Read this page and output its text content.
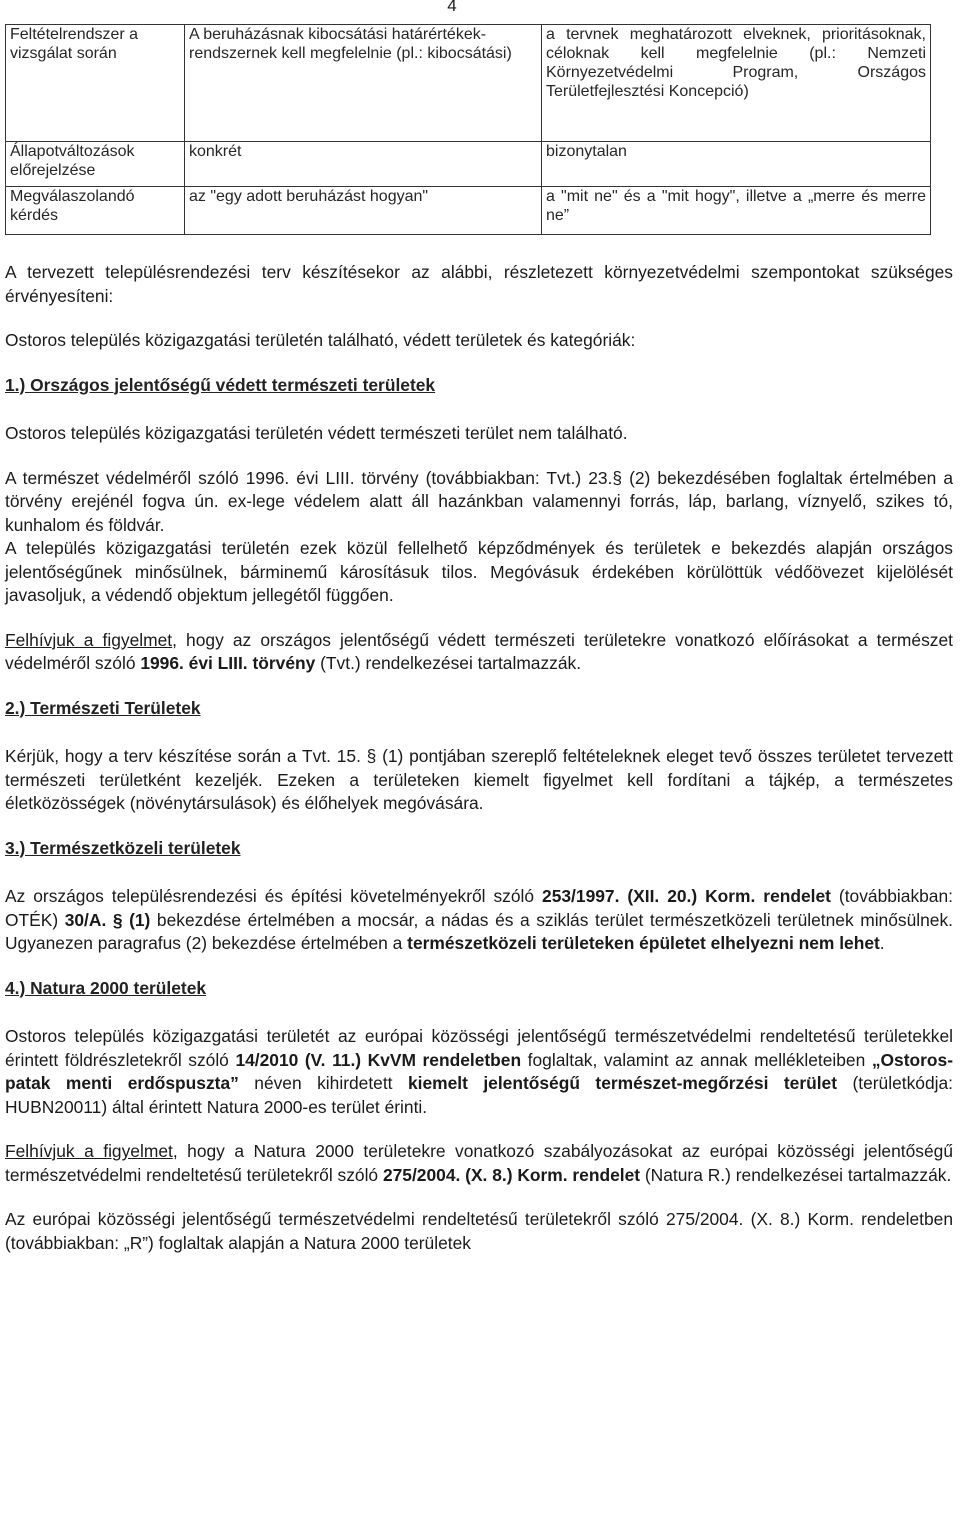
4
Feltételrendszer a vizsgálat során	A beruházásnak kibocsátási határértékek-rendszernek kell megfelelnie (pl.: kibocsátási)	a tervnek meghatározott elveknek, prioritásoknak, céloknak kell megfelelnie (pl.: Nemzeti Környezetvédelmi Program, Országos Területfejlesztési Koncepció)
Állapotváltozások előrejelzése	konkrét	bizonytalan
Megválaszolandó kérdés	az "egy adott beruházást hogyan"	a "mit ne" és a "mit hogy", illetve a „merre és merre ne”

A tervezett településrendezési terv készítésekor az alábbi, részletezett környezetvédelmi szempontokat szükséges érvényesíteni:

Ostoros település közigazgatási területén található, védett területek és kategóriák:

1.) Országos jelentőségű védett természeti területek

Ostoros település közigazgatási területén védett természeti terület nem található.

A természet védelméről szóló 1996. évi LIII. törvény (továbbiakban: Tvt.) 23.§ (2) bekezdésében foglaltak értelmében a törvény erejénél fogva ún. ex-lege védelem alatt áll hazánkban valamennyi forrás, láp, barlang, víznyelő, szikes tó, kunhalom és földvár.

A település közigazgatási területén ezek közül fellelhető képződmények és területek e bekezdés alapján országos jelentőségűnek minősülnek, bárminemű károsításuk tilos. Megóvásuk érdekében körülöttük védőövezet kijelölését javasoljuk, a védendő objektum jellegétől függően.

Felhívjuk a figyelmet, hogy az országos jelentőségű védett természeti területekre vonatkozó előírásokat a természet védelméről szóló 1996. évi LIII. törvény (Tvt.) rendelkezései tartalmazzák.

2.) Természeti Területek

Kérjük, hogy a terv készítése során a Tvt. 15. § (1) pontjában szereplő feltételeknek eleget tevő összes területet tervezett természeti területként kezeljék. Ezeken a területeken kiemelt figyelmet kell fordítani a tájkép, a természetes életközösségek (növénytársulások) és élőhelyek megóvására.

3.) Természetközeli területek

Az országos településrendezési és építési követelményekről szóló 253/1997. (XII. 20.) Korm. rendelet (továbbiakban: OTÉK) 30/A. § (1) bekezdése értelmében a mocsár, a nádas és a sziklás terület természetközeli területnek minősülnek. Ugyanezen paragrafus (2) bekezdése értelmében a természetközeli területeken épületet elhelyezni nem lehet.

4.) Natura 2000 területek

Ostoros település közigazgatási területét az európai közösségi jelentőségű természetvédelmi rendeltetésű területekkel érintett földrészletekről szóló 14/2010 (V. 11.) KvVM rendeletben foglaltak, valamint az annak mellékleteiben „Ostoros-patak menti erdőspuszta” néven kihirdetett kiemelt jelentőségű természet-megőrzési terület (területkódja: HUBN20011) által érintett Natura 2000-es terület érinti.

Felhívjuk a figyelmet, hogy a Natura 2000 területekre vonatkozó szabályozásokat az európai közösségi jelentőségű természetvédelmi rendeltetésű területekről szóló 275/2004. (X. 8.) Korm. rendelet (Natura R.) rendelkezései tartalmazzák.

Az európai közösségi jelentőségű természetvédelmi rendeltetésű területekről szóló 275/2004. (X. 8.) Korm. rendeletben (továbbiakban: „R”) foglaltak alapján a Natura 2000 területek
